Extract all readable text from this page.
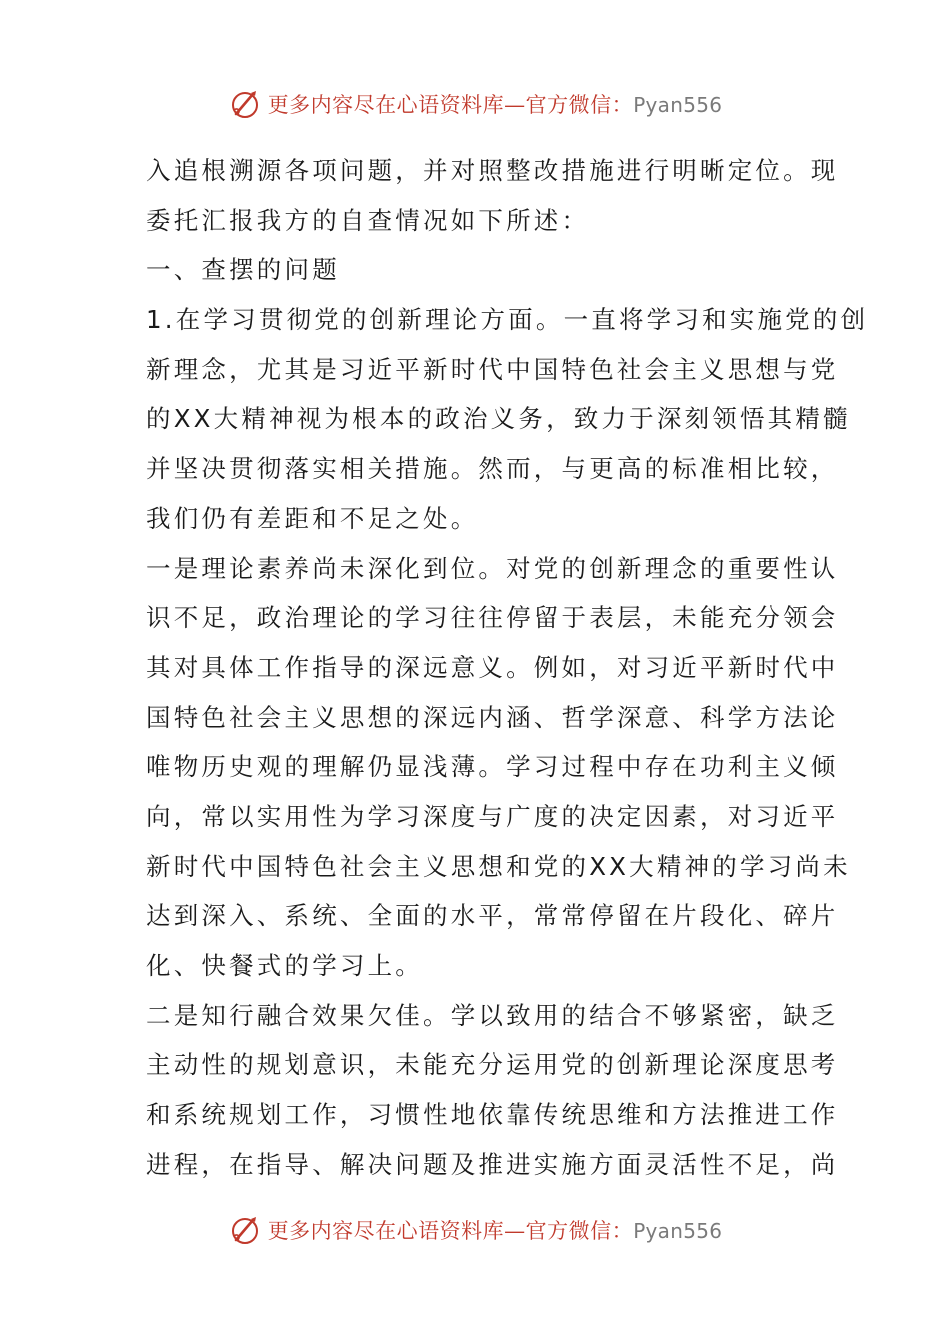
更多内容尽在心语资料库—官方微信：Pyan556
入追根溯源各项问题，并对照整改措施进行明晰定位。现
委托汇报我方的自查情况如下所述：
一、查摆的问题
1.在学习贯彻党的创新理论方面。一直将学习和实施党的创
新理念，尤其是习近平新时代中国特色社会主义思想与党
的XX大精神视为根本的政治义务，致力于深刻领悟其精髓
并坚决贯彻落实相关措施。然而，与更高的标准相比较，
我们仍有差距和不足之处。
一是理论素养尚未深化到位。对党的创新理念的重要性认
识不足，政治理论的学习往往停留于表层，未能充分领会
其对具体工作指导的深远意义。例如，对习近平新时代中
国特色社会主义思想的深远内涵、哲学深意、科学方法论
唯物历史观的理解仍显浅薄。学习过程中存在功利主义倾
向，常以实用性为学习深度与广度的决定因素，对习近平
新时代中国特色社会主义思想和党的XX大精神的学习尚未
达到深入、系统、全面的水平，常常停留在片段化、碎片
化、快餐式的学习上。
二是知行融合效果欠佳。学以致用的结合不够紧密，缺乏
主动性的规划意识，未能充分运用党的创新理论深度思考
和系统规划工作，习惯性地依靠传统思维和方法推进工作
进程，在指导、解决问题及推进实施方面灵活性不足，尚
更多内容尽在心语资料库—官方微信：Pyan556
